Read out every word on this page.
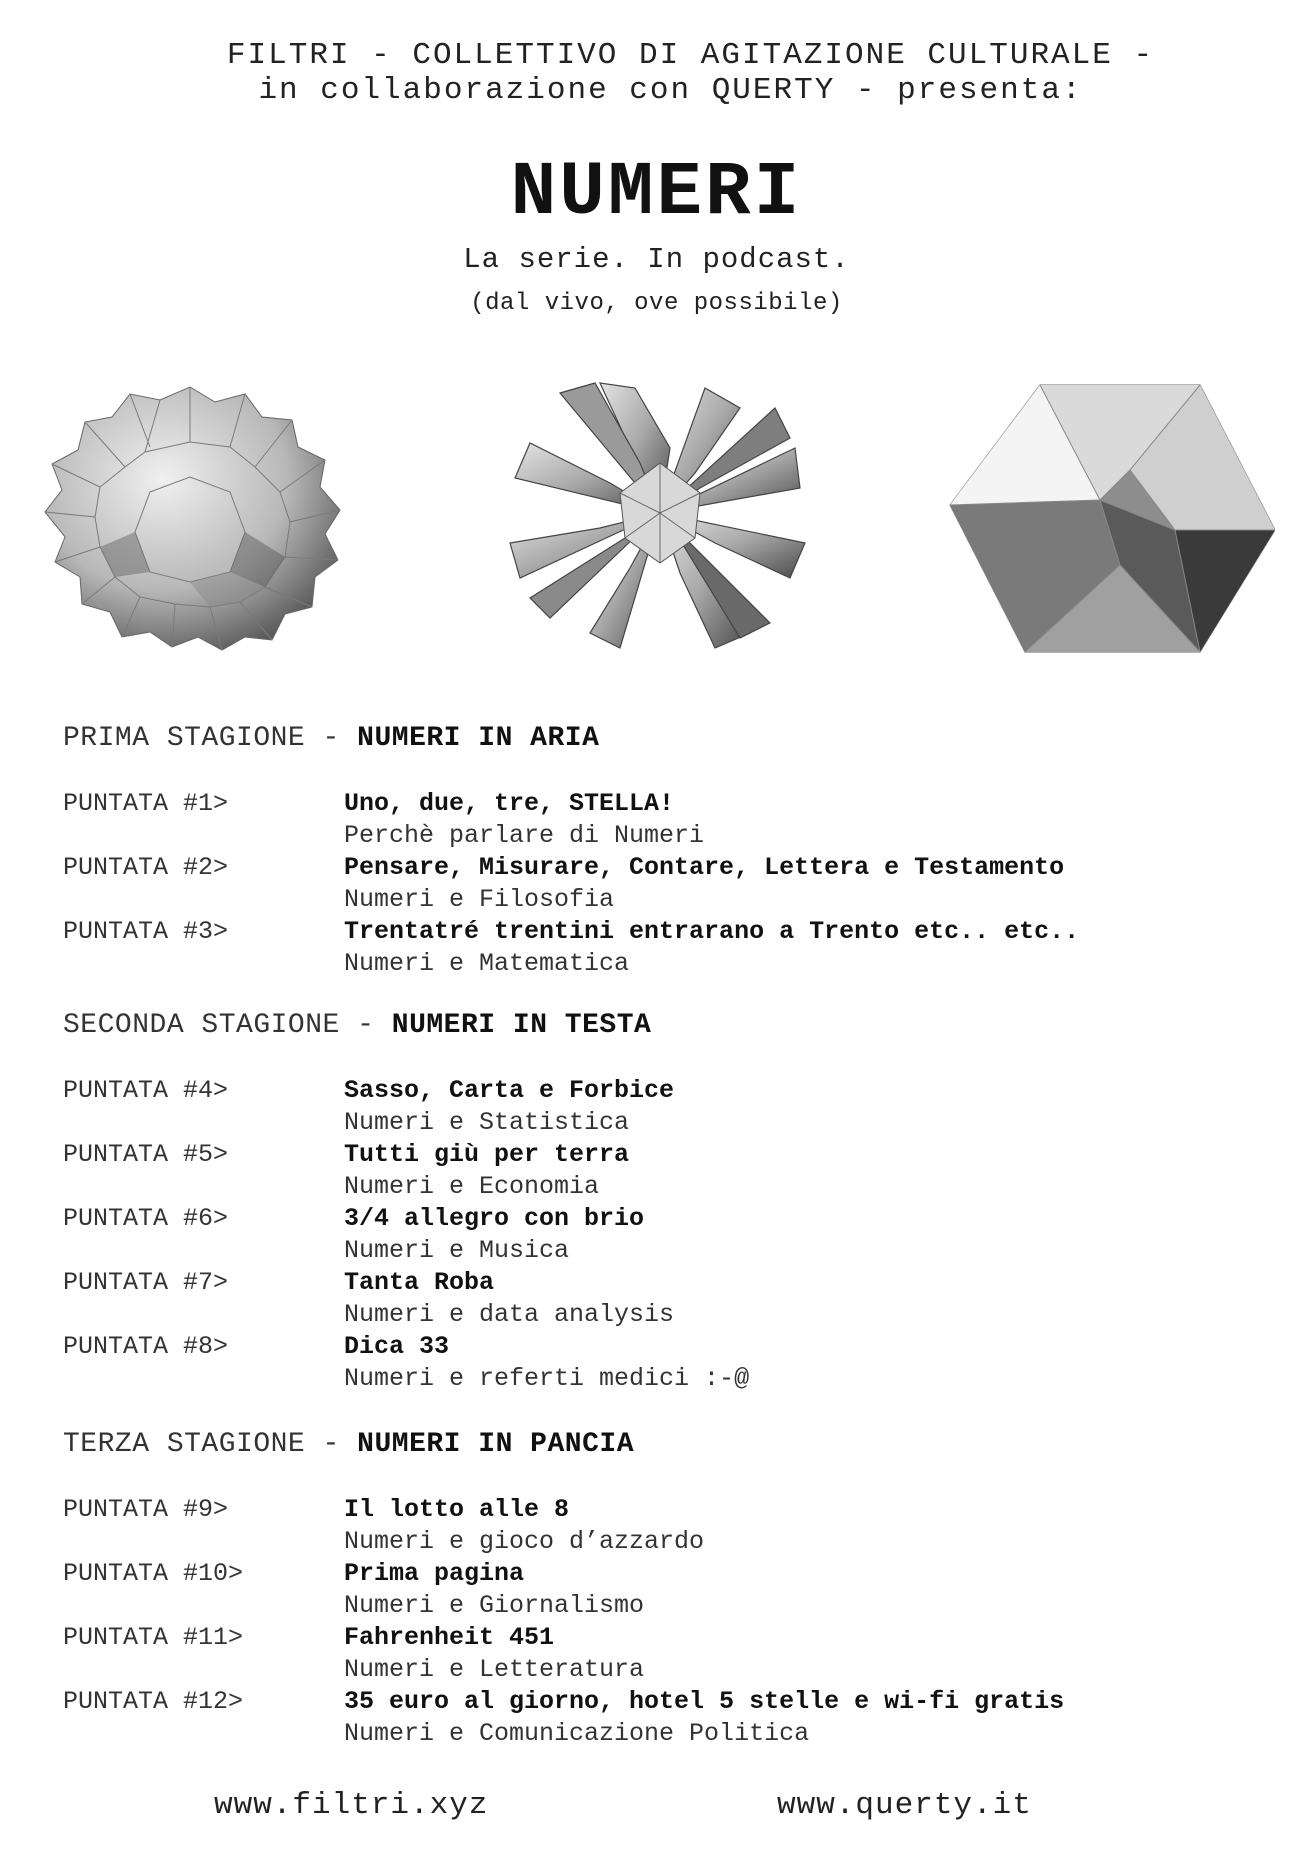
FILTRI - COLLETTIVO DI AGITAZIONE CULTURALE -
in collaborazione con QUERTY - presenta:
NUMERI
La serie. In podcast.
(dal vivo, ove possibile)
PRIMA STAGIONE - NUMERI IN ARIA
PUNTATA #1>	Uno, due, tre, STELLA!
Perchè parlare di Numeri
PUNTATA #2>	Pensare, Misurare, Contare, Lettera e Testamento
Numeri e Filosofia
PUNTATA #3>	Trentatré trentini entrarano a Trento etc.. etc..
Numeri e Matematica
SECONDA STAGIONE - NUMERI IN TESTA
PUNTATA #4>	Sasso, Carta e Forbice
Numeri e Statistica
PUNTATA #5>	Tutti giù per terra
Numeri e Economia
PUNTATA #6>	3/4 allegro con brio
Numeri e Musica
PUNTATA #7>	Tanta Roba
Numeri e data analysis
PUNTATA #8>	Dica 33
Numeri e referti medici :-@
TERZA STAGIONE - NUMERI IN PANCIA
PUNTATA #9>	Il lotto alle 8
Numeri e gioco d’azzardo
PUNTATA #10>	Prima pagina
Numeri e Giornalismo
PUNTATA #11>	Fahrenheit 451
Numeri e Letteratura
PUNTATA #12>	35 euro al giorno, hotel 5 stelle e wi-fi gratis
Numeri e Comunicazione Politica
www.filtri.xyz	www.querty.it
